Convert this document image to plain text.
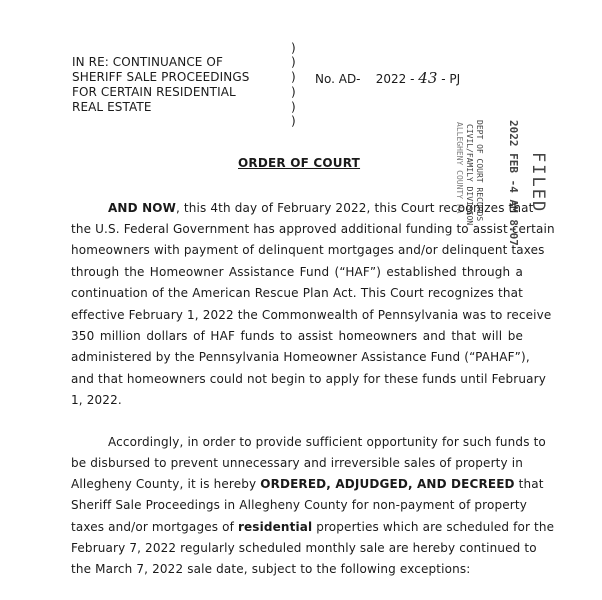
IN RE: CONTINUANCE OF
SHERIFF SALE PROCEEDINGS
FOR CERTAIN RESIDENTIAL
REAL ESTATE
)
)
)
)
)
)
No. AD- 2022 - 43 - PJ
FILED
2022 FEB -4 AM 8:07
DEPT OF COURT RECORDS
CIVIL/FAMILY DIVISION
ALLEGHENY COUNTY PA
ORDER OF COURT
AND NOW, this 4th day of February 2022, this Court recognizes that
the U.S. Federal Government has approved additional funding to assist certain
homeowners with payment of delinquent mortgages and/or delinquent taxes
through the Homeowner Assistance Fund (“HAF”) established through a
continuation of the American Rescue Plan Act. This Court recognizes that
effective February 1, 2022 the Commonwealth of Pennsylvania was to receive
350 million dollars of HAF funds to assist homeowners and that will be
administered by the Pennsylvania Homeowner Assistance Fund (“PAHAF”),
and that homeowners could not begin to apply for these funds until February
1, 2022.
Accordingly, in order to provide sufficient opportunity for such funds to
be disbursed to prevent unnecessary and irreversible sales of property in
Allegheny County, it is hereby ORDERED, ADJUDGED, AND DECREED that
Sheriff Sale Proceedings in Allegheny County for non-payment of property
taxes and/or mortgages of residential properties which are scheduled for the
February 7, 2022 regularly scheduled monthly sale are hereby continued to
the March 7, 2022 sale date, subject to the following exceptions:
